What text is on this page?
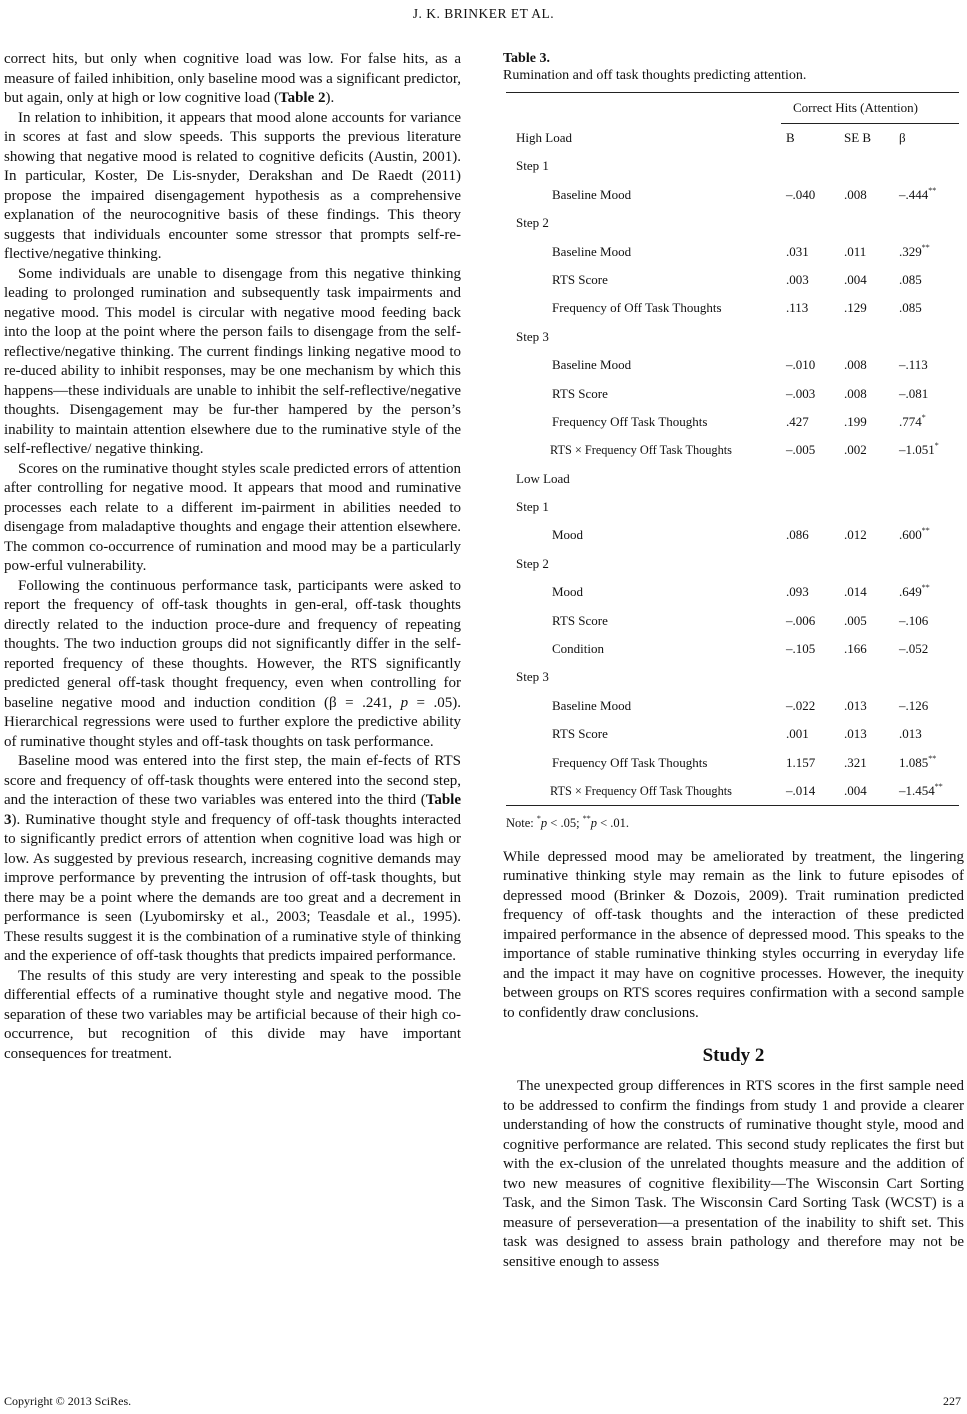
J. K. BRINKER ET AL.

correct hits, but only when cognitive load was low. For false hits, as a measure of failed inhibition, only baseline mood was a significant predictor, but again, only at high or low cognitive load (Table 2).

In relation to inhibition, it appears that mood alone accounts for variance in scores at fast and slow speeds. This supports the previous literature showing that negative mood is related to cognitive deficits (Austin, 2001). In particular, Koster, De Lis-snyder, Derakshan and De Raedt (2011) propose the impaired disengagement hypothesis as a comprehensive explanation of the neurocognitive basis of these findings. This theory suggests that individuals encounter some stressor that prompts self-re-flective/negative thinking.

Some individuals are unable to disengage from this negative thinking leading to prolonged rumination and subsequently task impairments and negative mood. This model is circular with negative mood feeding back into the loop at the point where the person fails to disengage from the self-reflective/negative thinking. The current findings linking negative mood to re-duced ability to inhibit responses, may be one mechanism by which this happens—these individuals are unable to inhibit the self-reflective/negative thoughts. Disengagement may be fur-ther hampered by the person’s inability to maintain attention elsewhere due to the ruminative style of the self-reflective/ negative thinking.

Scores on the ruminative thought styles scale predicted errors of attention after controlling for negative mood. It appears that mood and ruminative processes each relate to a different im-pairment in abilities needed to disengage from maladaptive thoughts and engage their attention elsewhere. The common co-occurrence of rumination and mood may be a particularly pow-erful vulnerability.

Following the continuous performance task, participants were asked to report the frequency of off-task thoughts in gen-eral, off-task thoughts directly related to the induction proce-dure and frequency of repeating thoughts. The two induction groups did not significantly differ in the self-reported frequency of these thoughts. However, the RTS significantly predicted general off-task thought frequency, even when controlling for baseline negative mood and induction condition (β = .241, p = .05). Hierarchical regressions were used to further explore the predictive ability of ruminative thought styles and off-task thoughts on task performance.

Baseline mood was entered into the first step, the main ef-fects of RTS score and frequency of off-task thoughts were entered into the second step, and the interaction of these two variables was entered into the third (Table 3). Ruminative thought style and frequency of off-task thoughts interacted to significantly predict errors of attention when cognitive load was high or low. As suggested by previous research, increasing cognitive demands may improve performance by preventing the intrusion of off-task thoughts, but there may be a point where the demands are too great and a decrement in performance is seen (Lyubomirsky et al., 2003; Teasdale et al., 1995). These results suggest it is the combination of a ruminative style of thinking and the experience of off-task thoughts that predicts impaired performance.

The results of this study are very interesting and speak to the possible differential effects of a ruminative thought style and negative mood. The separation of these two variables may be artificial because of their high co-occurrence, but recognition of this divide may have important consequences for treatment.

Table 3.
Rumination and off task thoughts predicting attention.
Correct Hits (Attention)
High Load	B	SE B β
Step 1
Baseline Mood	–.040 .008 –.444**
Step 2
Baseline Mood	.031	.011	.329**
RTS Score	.003	.004 .085
Frequency of Off Task Thoughts	.113	.129 .085
Step 3
Baseline Mood	–.010 .008 –.113
RTS Score	–.003 .008 –.081
Frequency Off Task Thoughts	.427	.199 .774*
RTS × Frequency Off Task Thoughts	–.005 .002 –1.051*
Low Load
Step 1
Mood	.086	.012 .600**
Step 2
Mood	.093	.014 .649**
RTS Score	–.006 .005 –.106
Condition	–.105 .166 –.052
Step 3
Baseline Mood	–.022 .013 –.126
RTS Score	.001	.013 .013
Frequency Off Task Thoughts	1.157 .321 1.085**
RTS × Frequency Off Task Thoughts	–.014 .004 –1.454**
Note: *p < .05; **p < .01.

While depressed mood may be ameliorated by treatment, the lingering ruminative thinking style may remain as the link to future episodes of depressed mood (Brinker & Dozois, 2009). Trait rumination predicted frequency of off-task thoughts and the interaction of these predicted impaired performance in the absence of depressed mood. This speaks to the importance of stable ruminative thinking styles occurring in everyday life and the impact it may have on cognitive processes. However, the inequity between groups on RTS scores requires confirmation with a second sample to confidently draw conclusions.

Study 2

The unexpected group differences in RTS scores in the first sample need to be addressed to confirm the findings from study 1 and provide a clearer understanding of how the constructs of ruminative thought style, mood and cognitive performance are related. This second study replicates the first but with the ex-clusion of the unrelated thoughts measure and the addition of two new measures of cognitive flexibility—The Wisconsin Cart Sorting Task, and the Simon Task. The Wisconsin Card Sorting Task (WCST) is a measure of perseveration—a presentation of the inability to shift set. This task was designed to assess brain pathology and therefore may not be sensitive enough to assess

Copyright © 2013 SciRes.	227
